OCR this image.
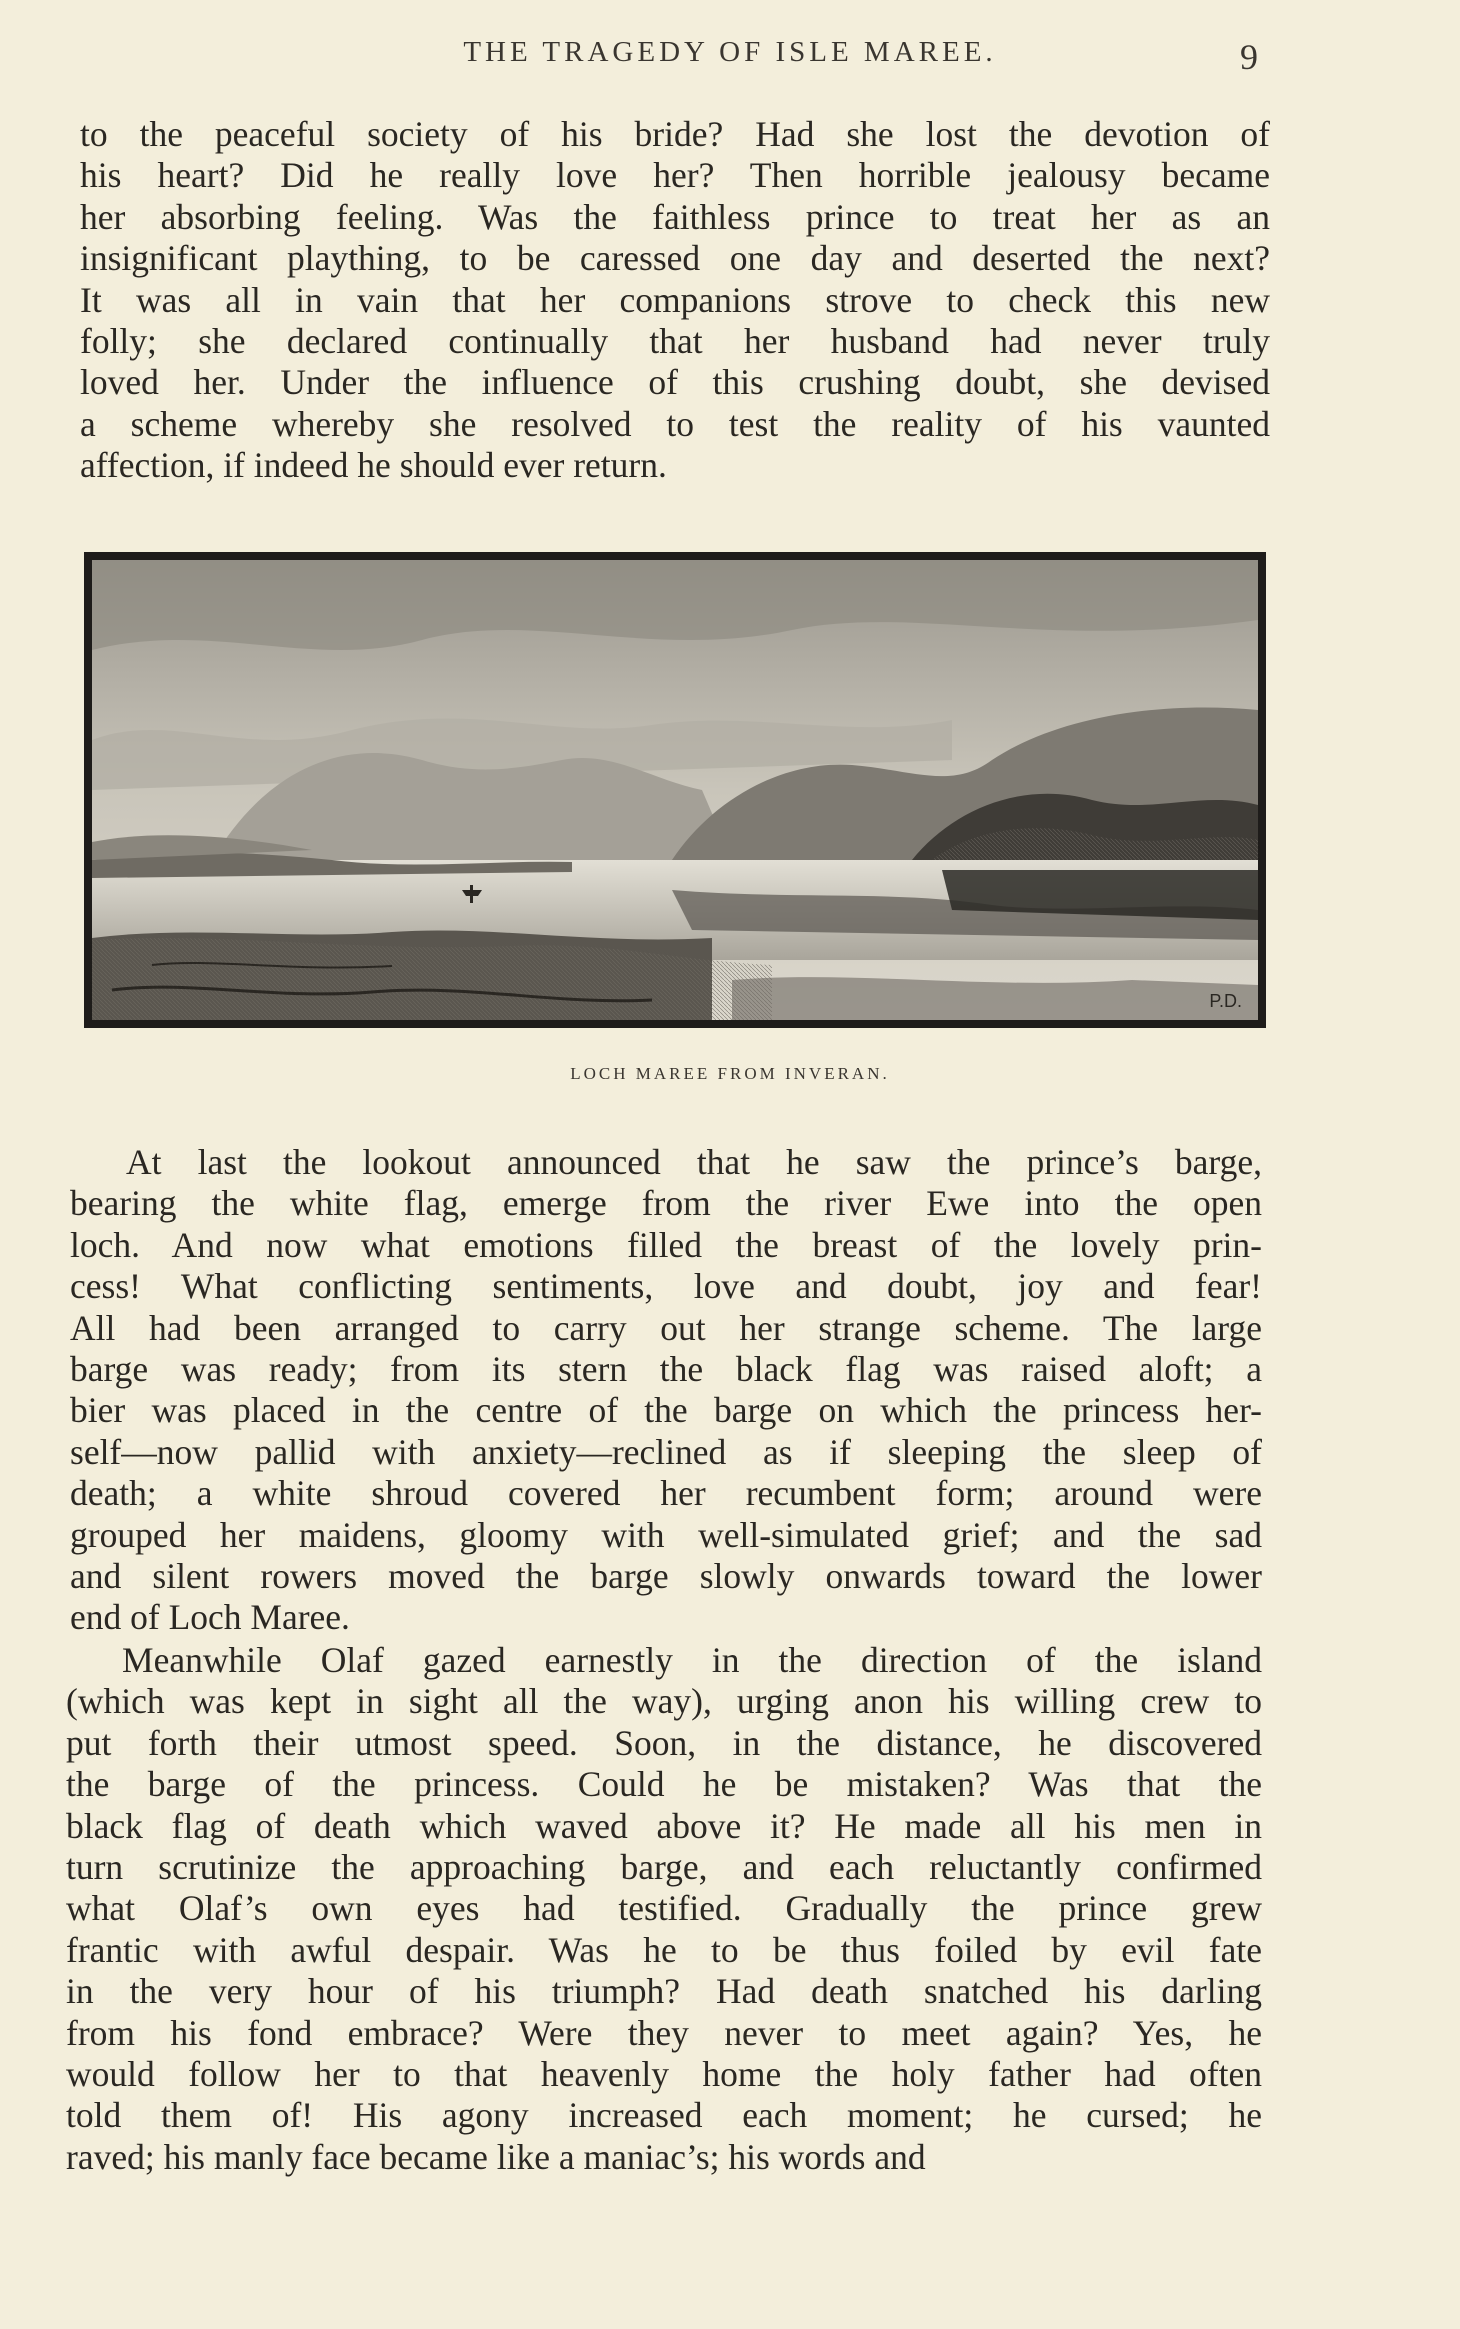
THE TRAGEDY OF ISLE MAREE.	9
to the peaceful society of his bride? Had she lost the devotion of
his heart? Did he really love her? Then horrible jealousy became
her absorbing feeling. Was the faithless prince to treat her as an
insignificant plaything, to be caressed one day and deserted the next?
It was all in vain that her companions strove to check this new
folly; she declared continually that her husband had never truly
loved her. Under the influence of this crushing doubt, she devised
a scheme whereby she resolved to test the reality of his vaunted
affection, if indeed he should ever return.
P.D.
LOCH MAREE FROM INVERAN.
At last the lookout announced that he saw the prince’s barge,
bearing the white flag, emerge from the river Ewe into the open
loch. And now what emotions filled the breast of the lovely prin-
cess! What conflicting sentiments, love and doubt, joy and fear!
All had been arranged to carry out her strange scheme. The large
barge was ready; from its stern the black flag was raised aloft; a
bier was placed in the centre of the barge on which the princess her-
self—now pallid with anxiety—reclined as if sleeping the sleep of
death; a white shroud covered her recumbent form; around were
grouped her maidens, gloomy with well-simulated grief; and the sad
and silent rowers moved the barge slowly onwards toward the lower
end of Loch Maree.
Meanwhile Olaf gazed earnestly in the direction of the island
(which was kept in sight all the way), urging anon his willing crew to
put forth their utmost speed. Soon, in the distance, he discovered
the barge of the princess. Could he be mistaken? Was that the
black flag of death which waved above it? He made all his men in
turn scrutinize the approaching barge, and each reluctantly confirmed
what Olaf’s own eyes had testified. Gradually the prince grew
frantic with awful despair. Was he to be thus foiled by evil fate
in the very hour of his triumph? Had death snatched his darling
from his fond embrace? Were they never to meet again? Yes, he
would follow her to that heavenly home the holy father had often
told them of! His agony increased each moment; he cursed; he
raved; his manly face became like a maniac’s; his words and
